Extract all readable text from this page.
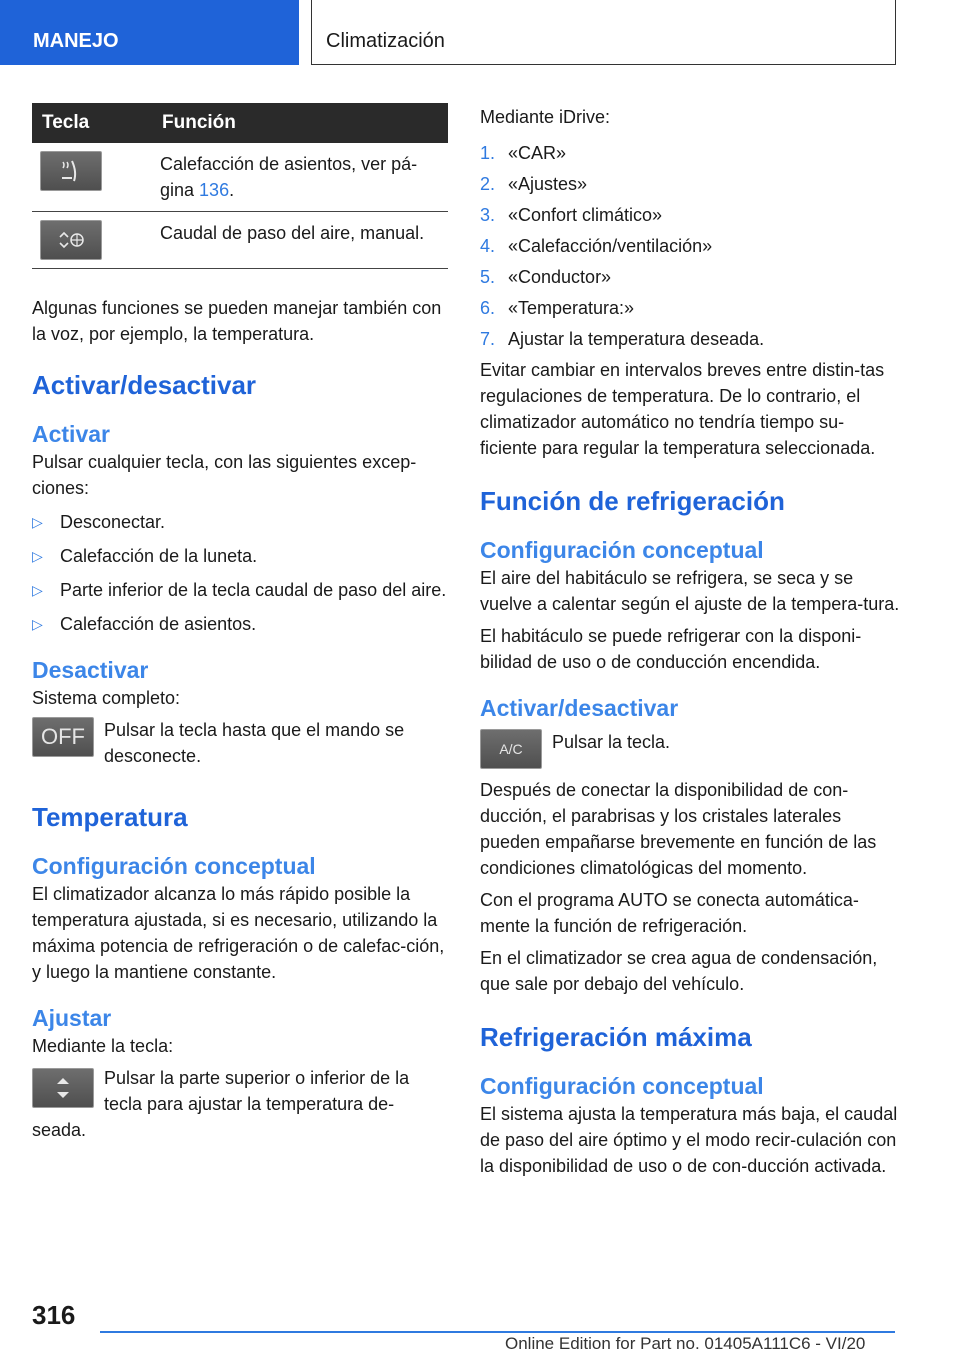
MANEJO	Climatización
Tecla	Función

	Calefacción de asientos, ver pá-
gina 136.

	Caudal de paso del aire, manual.

Algunas funciones se pueden manejar también con la voz, por ejemplo, la temperatura.

Activar/desactivar

Activar

Pulsar cualquier tecla, con las siguientes excep-ciones:

▷ Desconectar.
▷ Calefacción de la luneta.
▷ Parte inferior de la tecla caudal de paso del aire.
▷ Calefacción de asientos.

Desactivar

Sistema completo:

OFF	Pulsar la tecla hasta que el mando se desconecte.

Temperatura

Configuración conceptual

El climatizador alcanza lo más rápido posible la temperatura ajustada, si es necesario, utilizando la máxima potencia de refrigeración o de calefac-ción, y luego la mantiene constante.

Ajustar

Mediante la tecla:

Pulsar la parte superior o inferior de la tecla para ajustar la temperatura de-seada.

Mediante iDrive:

1. «CAR»
2. «Ajustes»
3. «Confort climático»
4. «Calefacción/ventilación»
5. «Conductor»
6. «Temperatura:»
7. Ajustar la temperatura deseada.

Evitar cambiar en intervalos breves entre distin-tas regulaciones de temperatura. De lo contrario, el climatizador automático no tendría tiempo su-ficiente para regular la temperatura seleccionada.

Función de refrigeración

Configuración conceptual

El aire del habitáculo se refrigera, se seca y se vuelve a calentar según el ajuste de la tempera-tura.

El habitáculo se puede refrigerar con la disponi-bilidad de uso o de conducción encendida.

Activar/desactivar

A/C	Pulsar la tecla.

Después de conectar la disponibilidad de con-ducción, el parabrisas y los cristales laterales pueden empañarse brevemente en función de las condiciones climatológicas del momento.

Con el programa AUTO se conecta automática-mente la función de refrigeración.

En el climatizador se crea agua de condensación, que sale por debajo del vehículo.

Refrigeración máxima

Configuración conceptual

El sistema ajusta la temperatura más baja, el caudal de paso del aire óptimo y el modo recir-culación con la disponibilidad de uso o de con-ducción activada.

316
Online Edition for Part no. 01405A111C6 - VI/20
